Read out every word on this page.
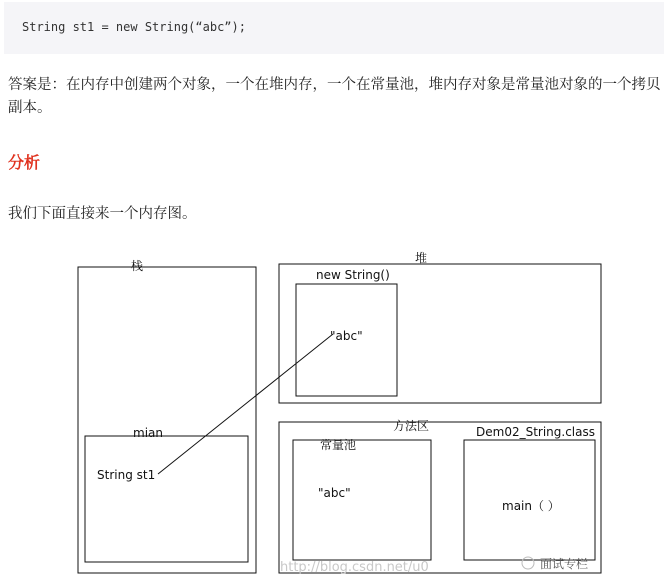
String st1 = new String(“abc”);
答案是：在内存中创建两个对象，一个在堆内存，一个在常量池，堆内存对象是常量池对象的一个拷贝副本。
分析
我们下面直接来一个内存图。
栈
mian
String st1
堆
new String()
"abc"
方法区
常量池
"abc"
Dem02_String.class
main（ ）
http://blog.csdn.net/u0	面试专栏
